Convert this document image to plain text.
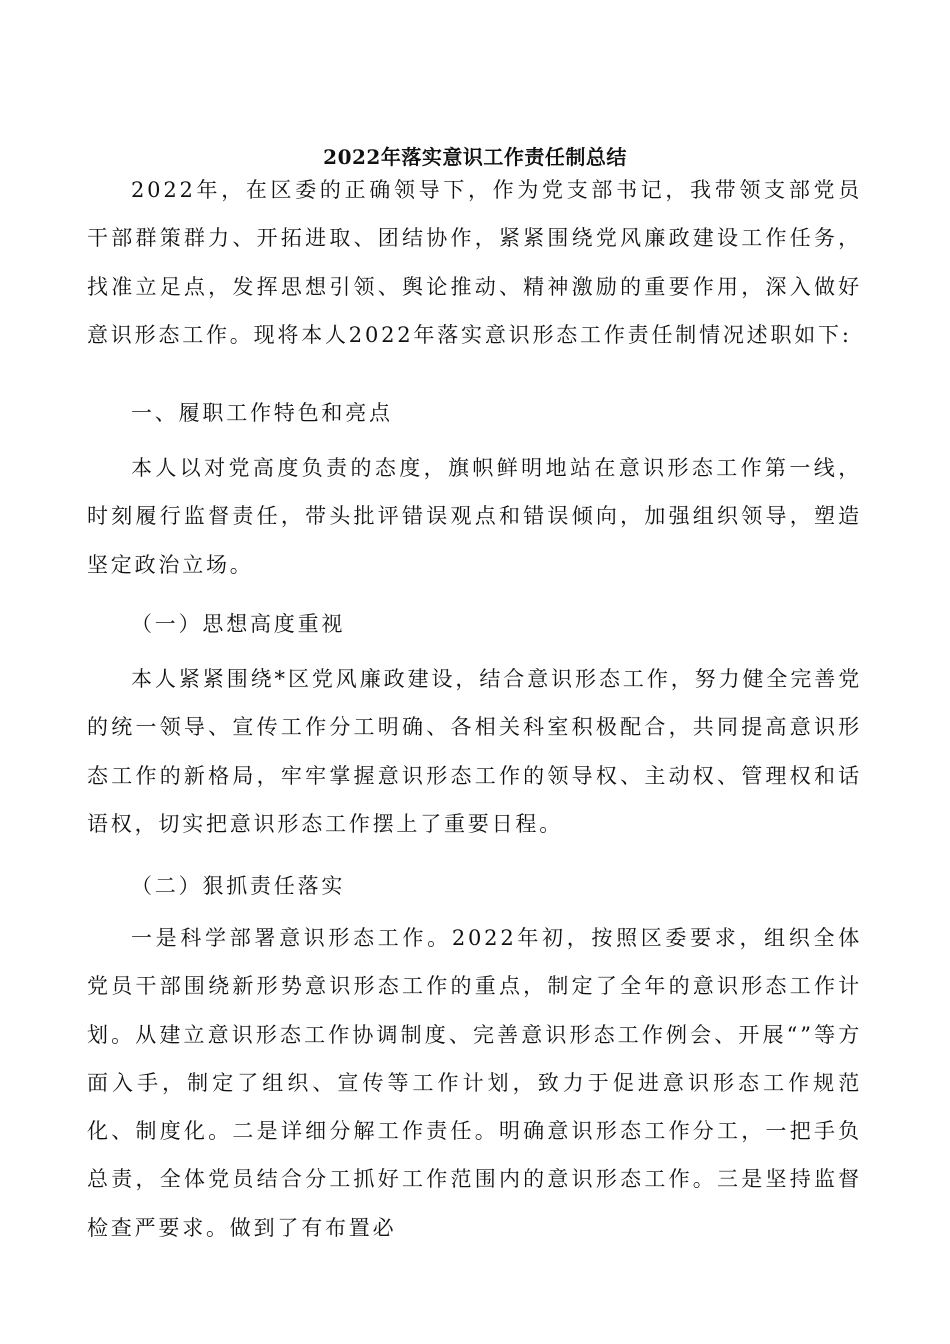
2022年落实意识工作责任制总结

2022年，在区委的正确领导下，作为党支部书记，我带领支部党员干部群策群力、开拓进取、团结协作，紧紧围绕党风廉政建设工作任务，找准立足点，发挥思想引领、舆论推动、精神激励的重要作用，深入做好意识形态工作。现将本人2022年落实意识形态工作责任制情况述职如下:

一、履职工作特色和亮点

本人以对党高度负责的态度，旗帜鲜明地站在意识形态工作第一线，时刻履行监督责任，带头批评错误观点和错误倾向，加强组织领导，塑造坚定政治立场。

（一）思想高度重视

本人紧紧围绕*区党风廉政建设，结合意识形态工作，努力健全完善党的统一领导、宣传工作分工明确、各相关科室积极配合，共同提高意识形态工作的新格局，牢牢掌握意识形态工作的领导权、主动权、管理权和话语权，切实把意识形态工作摆上了重要日程。

（二）狠抓责任落实

一是科学部署意识形态工作。2022年初，按照区委要求，组织全体党员干部围绕新形势意识形态工作的重点，制定了全年的意识形态工作计划。从建立意识形态工作协调制度、完善意识形态工作例会、开展“”等方面入手，制定了组织、宣传等工作计划，致力于促进意识形态工作规范化、制度化。二是详细分解工作责任。明确意识形态工作分工，一把手负总责，全体党员结合分工抓好工作范围内的意识形态工作。三是坚持监督检查严要求。做到了有布置必
